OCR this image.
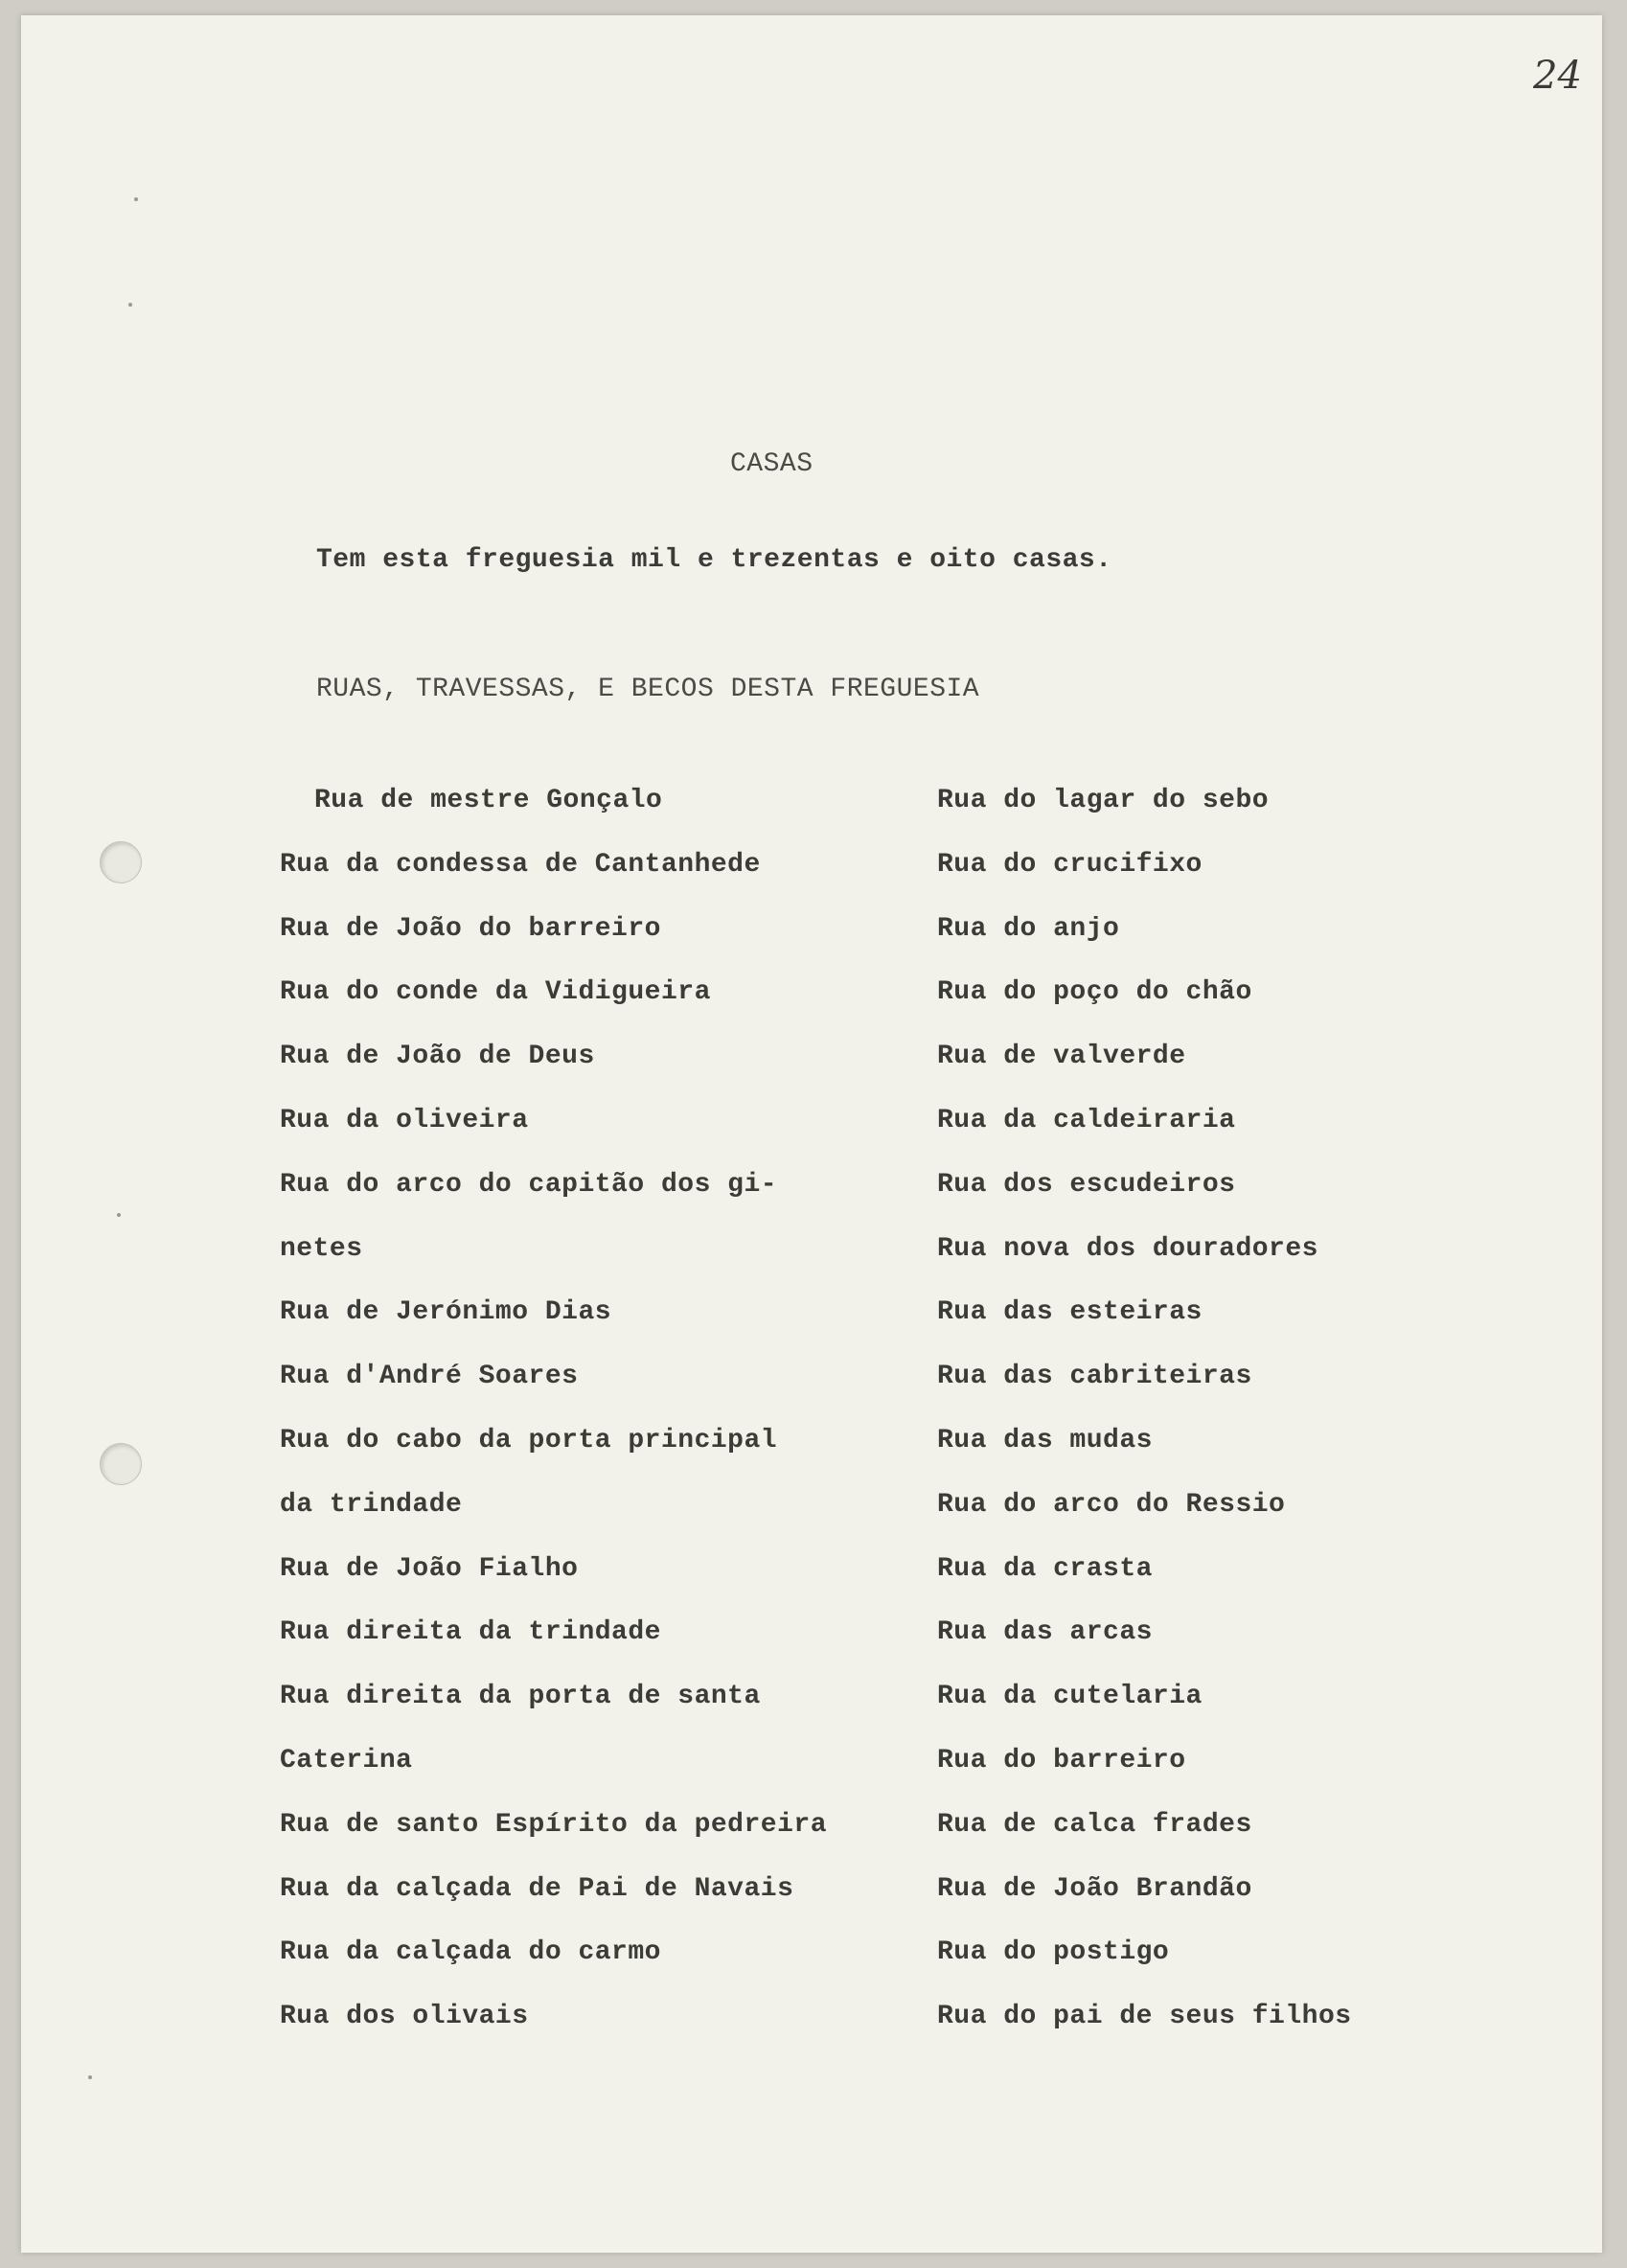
24
CASAS
Tem esta freguesia mil e trezentas e oito casas.
RUAS, TRAVESSAS, E BECOS DESTA FREGUESIA
Rua de mestre Gonçalo
Rua da condessa de Cantanhede
Rua de João do barreiro
Rua do conde da Vidigueira
Rua de João de Deus
Rua da oliveira
Rua do arco do capitão dos gi-
netes
Rua de Jerónimo Dias
Rua d'André Soares
Rua do cabo da porta principal
da trindade
Rua de João Fialho
Rua direita da trindade
Rua direita da porta de santa
Caterina
Rua de santo Espírito da pedreira
Rua da calçada de Pai de Navais
Rua da calçada do carmo
Rua dos olivais
Rua do lagar do sebo
Rua do crucifixo
Rua do anjo
Rua do poço do chão
Rua de valverde
Rua da caldeiraria
Rua dos escudeiros
Rua nova dos douradores
Rua das esteiras
Rua das cabriteiras
Rua das mudas
Rua do arco do Ressio
Rua da crasta
Rua das arcas
Rua da cutelaria
Rua do barreiro
Rua de calca frades
Rua de João Brandão
Rua do postigo
Rua do pai de seus filhos
